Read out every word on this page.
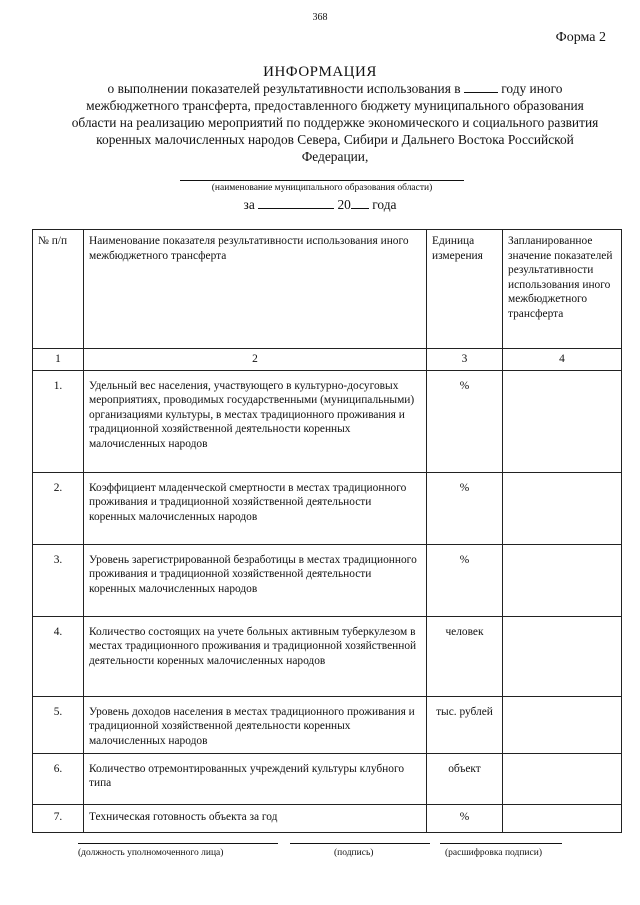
368
Форма 2
ИНФОРМАЦИЯ
о выполнении показателей результативности использования в	году иного межбюджетного трансферта, предоставленного бюджету муниципального образования области на реализацию мероприятий по поддержке экономического и социального развития коренных малочисленных народов Севера, Сибири и Дальнего Востока Российской Федерации,
(наименование муниципального образования области)
за	20 года
№ п/п	Наименование показателя результативности использования иного межбюджетного трансферта	Единица измерения	Запланированное значение показателей результативности использования иного межбюджетного трансферта
1	2	3	4
1.	Удельный вес населения, участвующего в культурно-досуговых мероприятиях, проводимых государственными (муниципальными) организациями культуры, в местах традиционного проживания и традиционной хозяйственной деятельности коренных малочисленных народов	%	
2.	Коэффициент младенческой смертности в местах традиционного проживания и традиционной хозяйственной деятельности коренных малочисленных народов	%	
3.	Уровень зарегистрированной безработицы в местах традиционного проживания и традиционной хозяйственной деятельности коренных малочисленных народов	%	
4.	Количество состоящих на учете больных активным туберкулезом в местах традиционного проживания и традиционной хозяйственной деятельности коренных малочисленных народов	человек	
5.	Уровень доходов населения в местах традиционного проживания и традиционной хозяйственной деятельности коренных малочисленных народов	тыс. рублей	
6.	Количество отремонтированных учреждений культуры клубного типа	объект	
7.	Техническая готовность объекта за год	%	
(должность уполномоченного лица)	(подпись)	(расшифровка подписи)
